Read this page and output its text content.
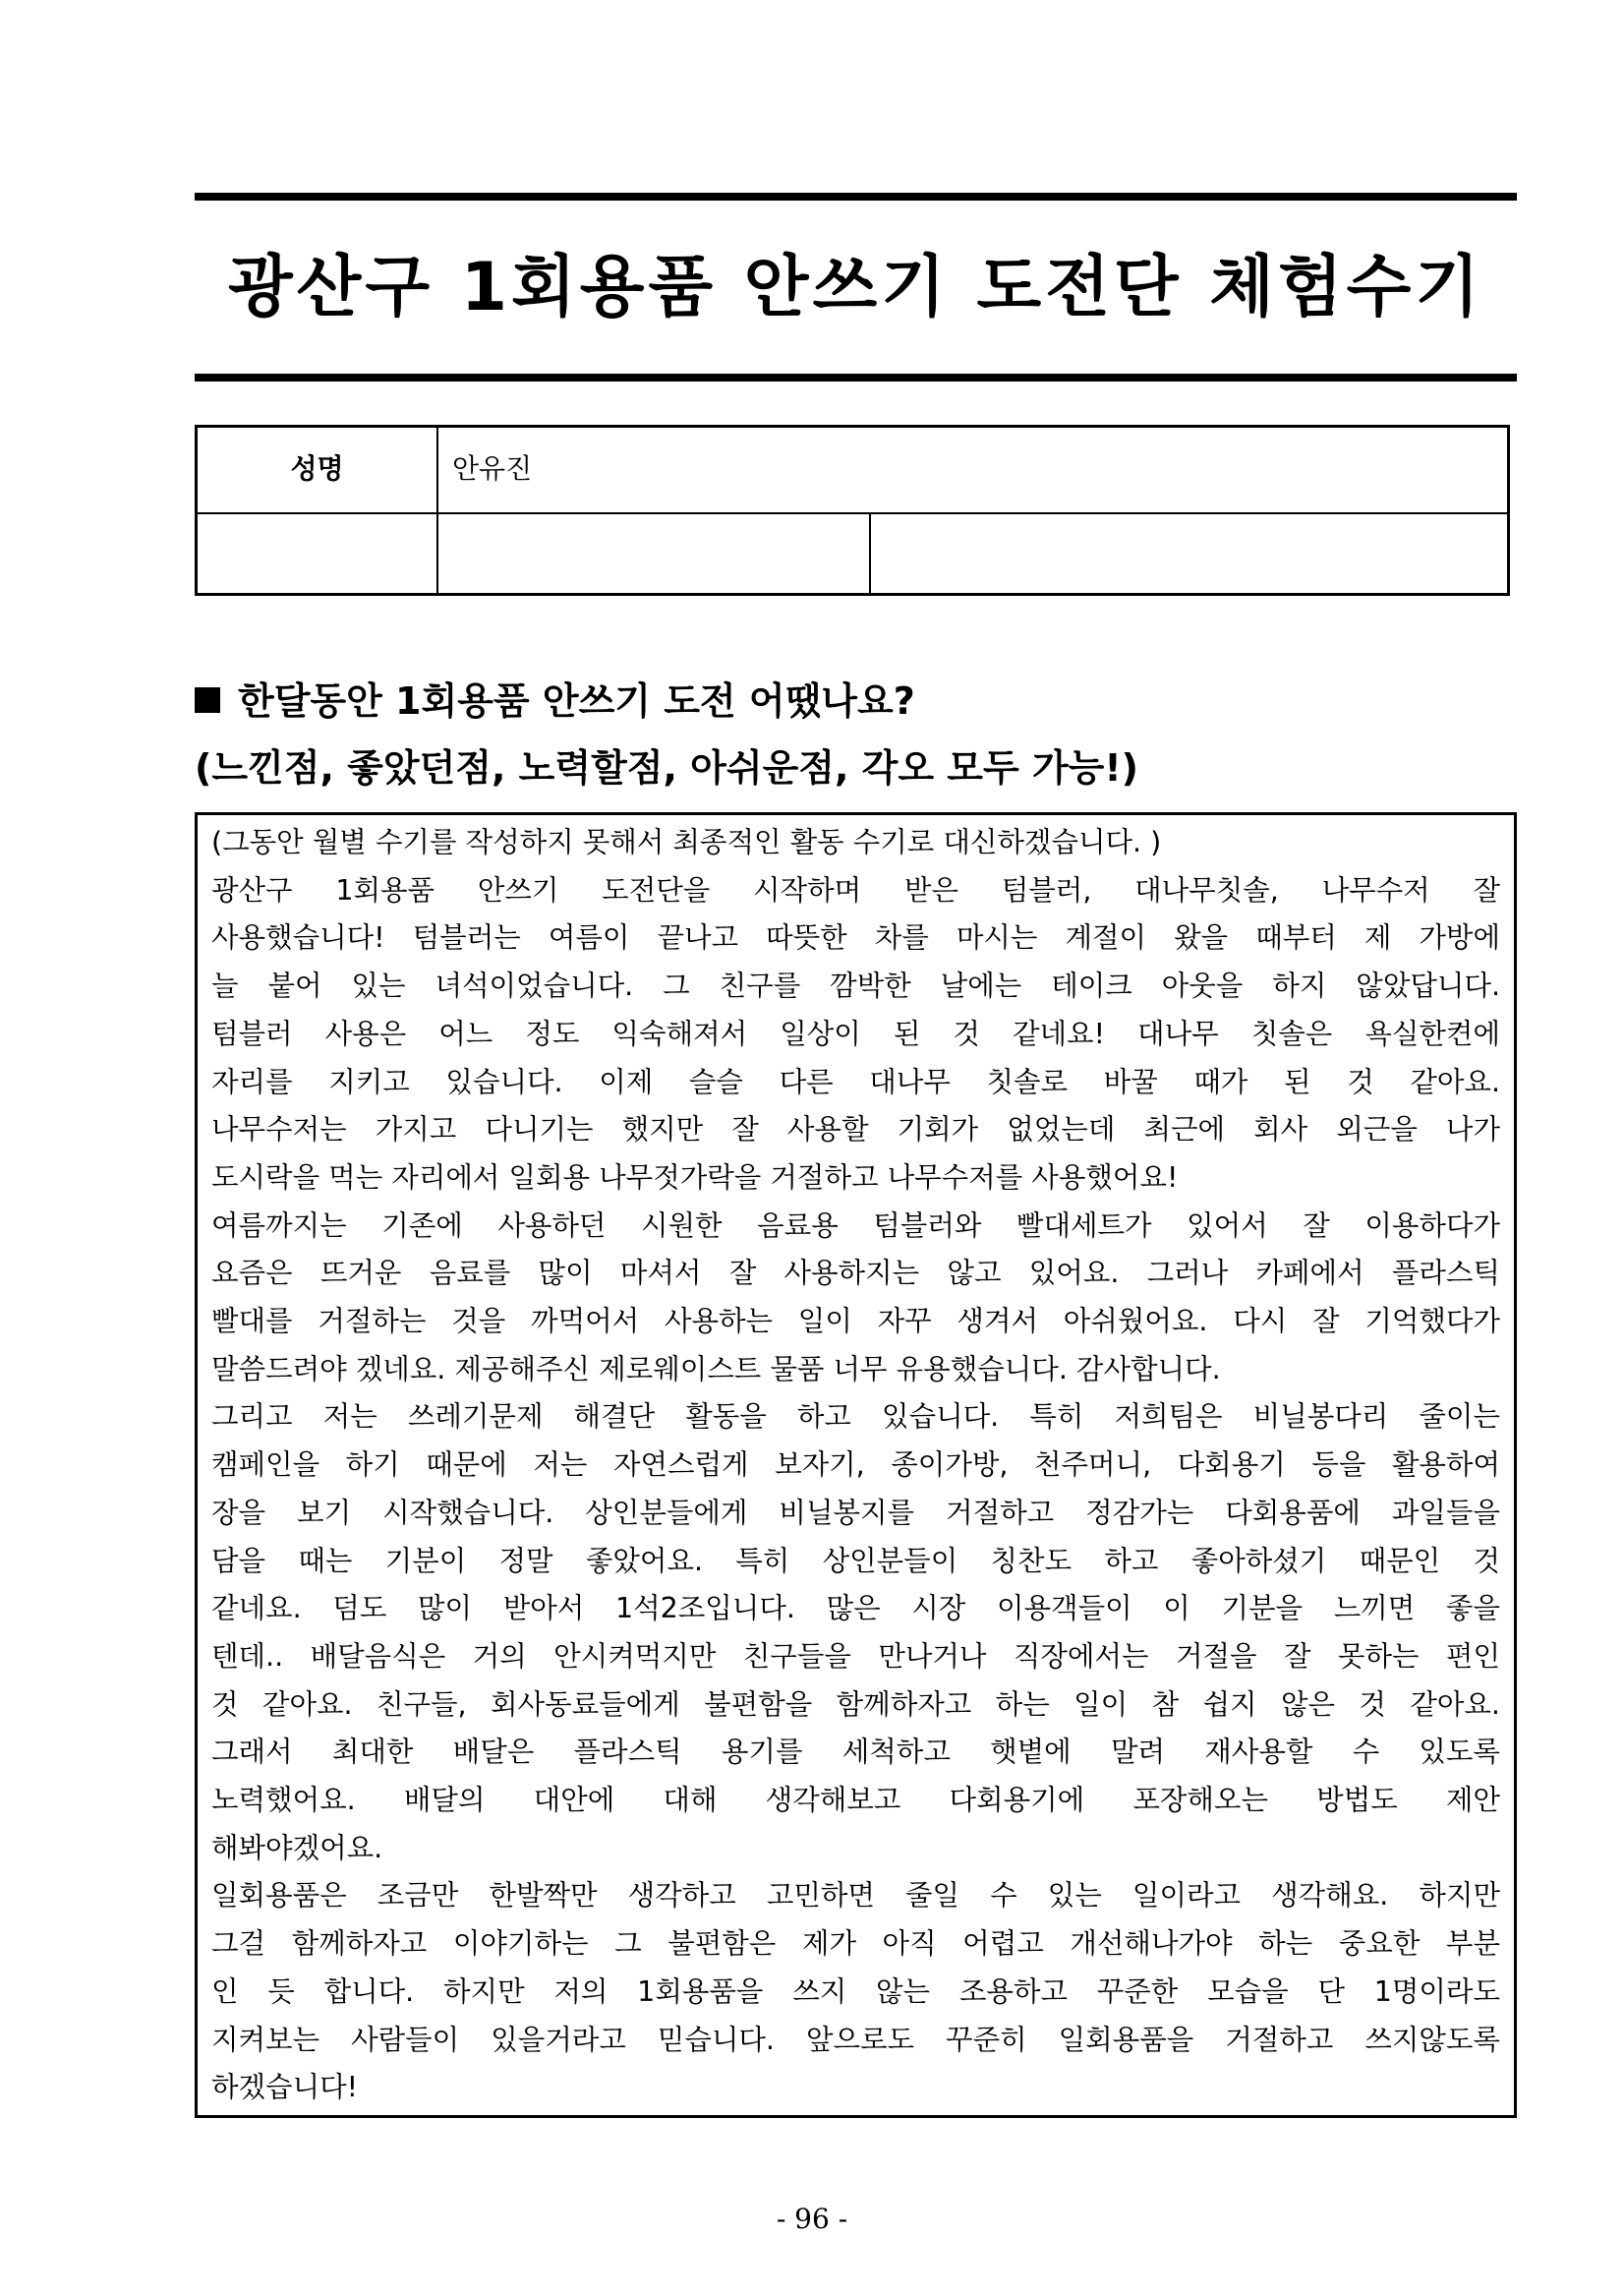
광산구 1회용품 안쓰기 도전단 체험수기
성명	안유진
한달동안 1회용품 안쓰기 도전 어땠나요?
(느낀점, 좋았던점, 노력할점, 아쉬운점, 각오 모두 가능!)

(그동안 월별 수기를 작성하지 못해서 최종적인 활동 수기로 대신하겠습니다. )

광산구 1회용품 안쓰기 도전단을 시작하며 받은 텀블러, 대나무칫솔, 나무수저 잘

사용했습니다! 텀블러는 여름이 끝나고 따뜻한 차를 마시는 계절이 왔을 때부터 제 가방에

늘 붙어 있는 녀석이었습니다. 그 친구를 깜박한 날에는 테이크 아웃을 하지 않았답니다.

텀블러 사용은 어느 정도 익숙해져서 일상이 된 것 같네요! 대나무 칫솔은 욕실한켠에

자리를 지키고 있습니다. 이제 슬슬 다른 대나무 칫솔로 바꿀 때가 된 것 같아요.

나무수저는 가지고 다니기는 했지만 잘 사용할 기회가 없었는데 최근에 회사 외근을 나가

도시락을 먹는 자리에서 일회용 나무젓가락을 거절하고 나무수저를 사용했어요!

여름까지는 기존에 사용하던 시원한 음료용 텀블러와 빨대세트가 있어서 잘 이용하다가

요즘은 뜨거운 음료를 많이 마셔서 잘 사용하지는 않고 있어요. 그러나 카페에서 플라스틱

빨대를 거절하는 것을 까먹어서 사용하는 일이 자꾸 생겨서 아쉬웠어요. 다시 잘 기억했다가

말씀드려야 겠네요. 제공해주신 제로웨이스트 물품 너무 유용했습니다. 감사합니다.

그리고 저는 쓰레기문제 해결단 활동을 하고 있습니다. 특히 저희팀은 비닐봉다리 줄이는

캠페인을 하기 때문에 저는 자연스럽게 보자기, 종이가방, 천주머니, 다회용기 등을 활용하여

장을 보기 시작했습니다. 상인분들에게 비닐봉지를 거절하고 정감가는 다회용품에 과일들을

담을 때는 기분이 정말 좋았어요. 특히 상인분들이 칭찬도 하고 좋아하셨기 때문인 것

같네요. 덤도 많이 받아서 1석2조입니다. 많은 시장 이용객들이 이 기분을 느끼면 좋을

텐데.. 배달음식은 거의 안시켜먹지만 친구들을 만나거나 직장에서는 거절을 잘 못하는 편인

것 같아요. 친구들, 회사동료들에게 불편함을 함께하자고 하는 일이 참 쉽지 않은 것 같아요.

그래서 최대한 배달은 플라스틱 용기를 세척하고 햇볕에 말려 재사용할 수 있도록

노력했어요. 배달의 대안에 대해 생각해보고 다회용기에 포장해오는 방법도 제안

해봐야겠어요.

일회용품은 조금만 한발짝만 생각하고 고민하면 줄일 수 있는 일이라고 생각해요. 하지만

그걸 함께하자고 이야기하는 그 불편함은 제가 아직 어렵고 개선해나가야 하는 중요한 부분

인 듯 합니다. 하지만 저의 1회용품을 쓰지 않는 조용하고 꾸준한 모습을 단 1명이라도

지켜보는 사람들이 있을거라고 믿습니다. 앞으로도 꾸준히 일회용품을 거절하고 쓰지않도록

하겠습니다!

- 96 -
